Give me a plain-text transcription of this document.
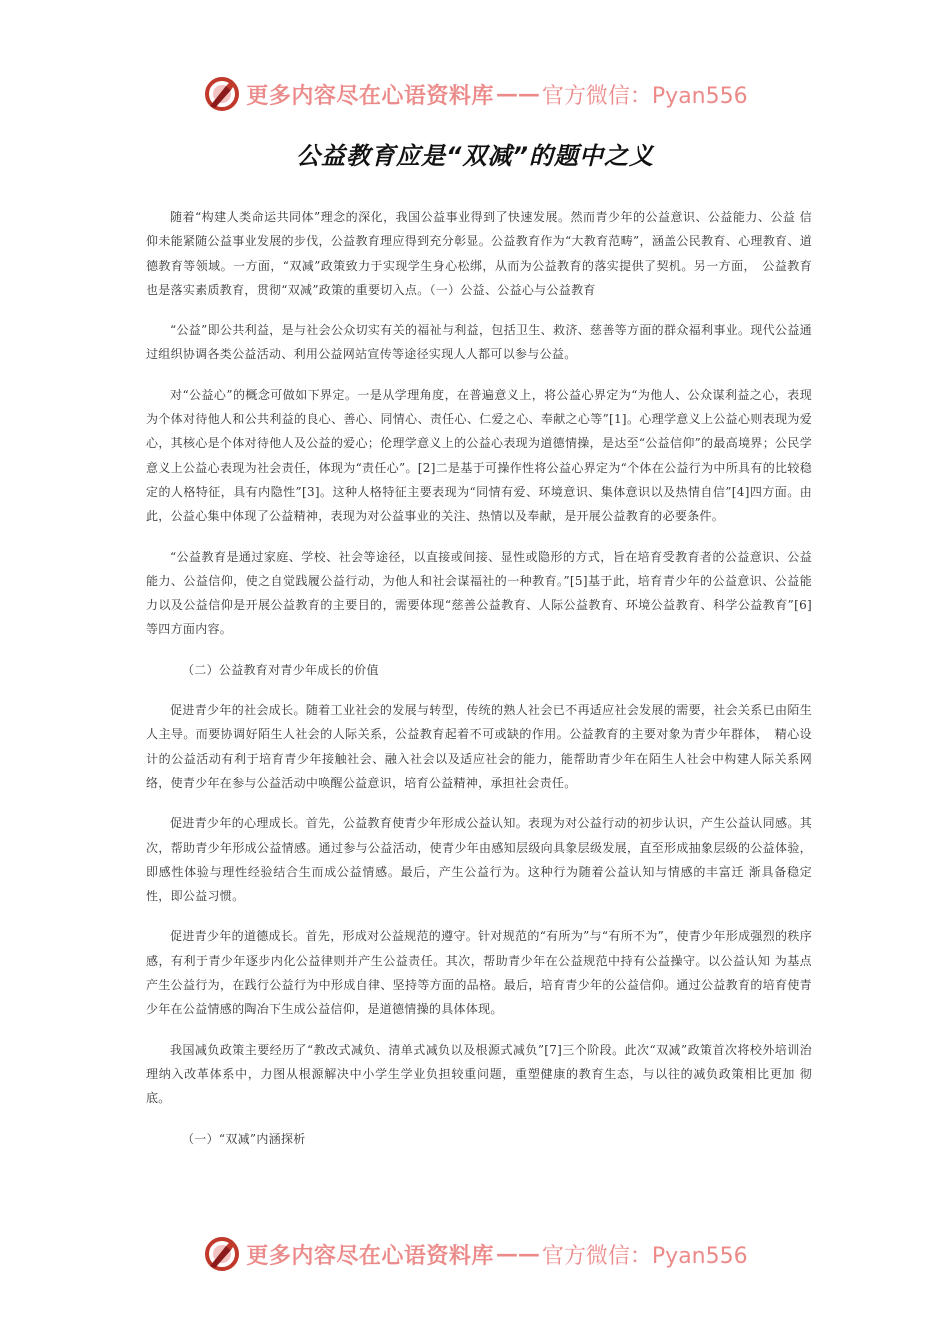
更多内容尽在心语资料库 —— 官方微信：Pyan556
公益教育应是“双减”的题中之义

随着“构建人类命运共同体”理念的深化，我国公益事业得到了快速发展。然而青少年的公益意识、公益能力、公益 信仰未能紧随公益事业发展的步伐，公益教育理应得到充分彰显。公益教育作为“大教育范畴”，涵盖公民教育、心理教育、道德教育等领域。一方面，“双减”政策致力于实现学生身心松绑，从而为公益教育的落实提供了契机。另一方面，　公益教育也是落实素质教育，贯彻“双减”政策的重要切入点。（一）公益、公益心与公益教育

“公益”即公共利益，是与社会公众切实有关的福祉与利益，包括卫生、救济、慈善等方面的群众福利事业。现代公益通过组织协调各类公益活动、利用公益网站宣传等途径实现人人都可以参与公益。

对“公益心”的概念可做如下界定。一是从学理角度，在普遍意义上，将公益心界定为“为他人、公众谋利益之心，表现为个体对待他人和公共利益的良心、善心、同情心、责任心、仁爱之心、奉献之心等”[1]。心理学意义上公益心则表现为爱心，其核心是个体对待他人及公益的爱心；伦理学意义上的公益心表现为道德情操，是达至“公益信仰”的最高境界；公民学意义上公益心表现为社会责任，体现为“责任心”。[2]二是基于可操作性将公益心界定为“个体在公益行为中所具有的比较稳定的人格特征，具有内隐性”[3]。这种人格特征主要表现为“同情有爱、环境意识、集体意识以及热情自信”[4]四方面。由此，公益心集中体现了公益精神，表现为对公益事业的关注、热情以及奉献，是开展公益教育的必要条件。

“公益教育是通过家庭、学校、社会等途径，以直接或间接、显性或隐形的方式，旨在培育受教育者的公益意识、公益能力、公益信仰，使之自觉践履公益行动，为他人和社会谋福社的一种教育。”[5]基于此，培育青少年的公益意识、公益能力以及公益信仰是开展公益教育的主要目的，需要体现“慈善公益教育、人际公益教育、环境公益教育、科学公益教育”[6]等四方面内容。

（二）公益教育对青少年成长的价值

促进青少年的社会成长。随着工业社会的发展与转型，传统的熟人社会已不再适应社会发展的需要，社会关系已由陌生人主导。而要协调好陌生人社会的人际关系，公益教育起着不可或缺的作用。公益教育的主要对象为青少年群体，　精心设计的公益活动有利于培育青少年接触社会、融入社会以及适应社会的能力，能帮助青少年在陌生人社会中构建人际关系网络，使青少年在参与公益活动中唤醒公益意识，培育公益精神，承担社会责任。

促进青少年的心理成长。首先，公益教育使青少年形成公益认知。表现为对公益行动的初步认识，产生公益认同感。其次，帮助青少年形成公益情感。通过参与公益活动，使青少年由感知层级向具象层级发展，直至形成抽象层级的公益体验，即感性体验与理性经验结合生而成公益情感。最后，产生公益行为。这种行为随着公益认知与情感的丰富迁 渐具备稳定性，即公益习惯。

促进青少年的道德成长。首先，形成对公益规范的遵守。针对规范的“有所为”与“有所不为”，使青少年形成强烈的秩序感，有利于青少年逐步内化公益律则并产生公益责任。其次，帮助青少年在公益规范中持有公益操守。以公益认知 为基点产生公益行为，在践行公益行为中形成自律、坚持等方面的品格。最后，培育青少年的公益信仰。通过公益教育的培育使青少年在公益情感的陶冶下生成公益信仰，是道德情操的具体体现。

我国减负政策主要经历了“教改式减负、清单式减负以及根源式减负”[7]三个阶段。此次“双减”政策首次将校外培训治理纳入改革体系中，力图从根源解决中小学生学业负担较重问题，重塑健康的教育生态，与以往的减负政策相比更加 彻底。

（一）“双减”内涵探析

更多内容尽在心语资料库 —— 官方微信：Pyan556
